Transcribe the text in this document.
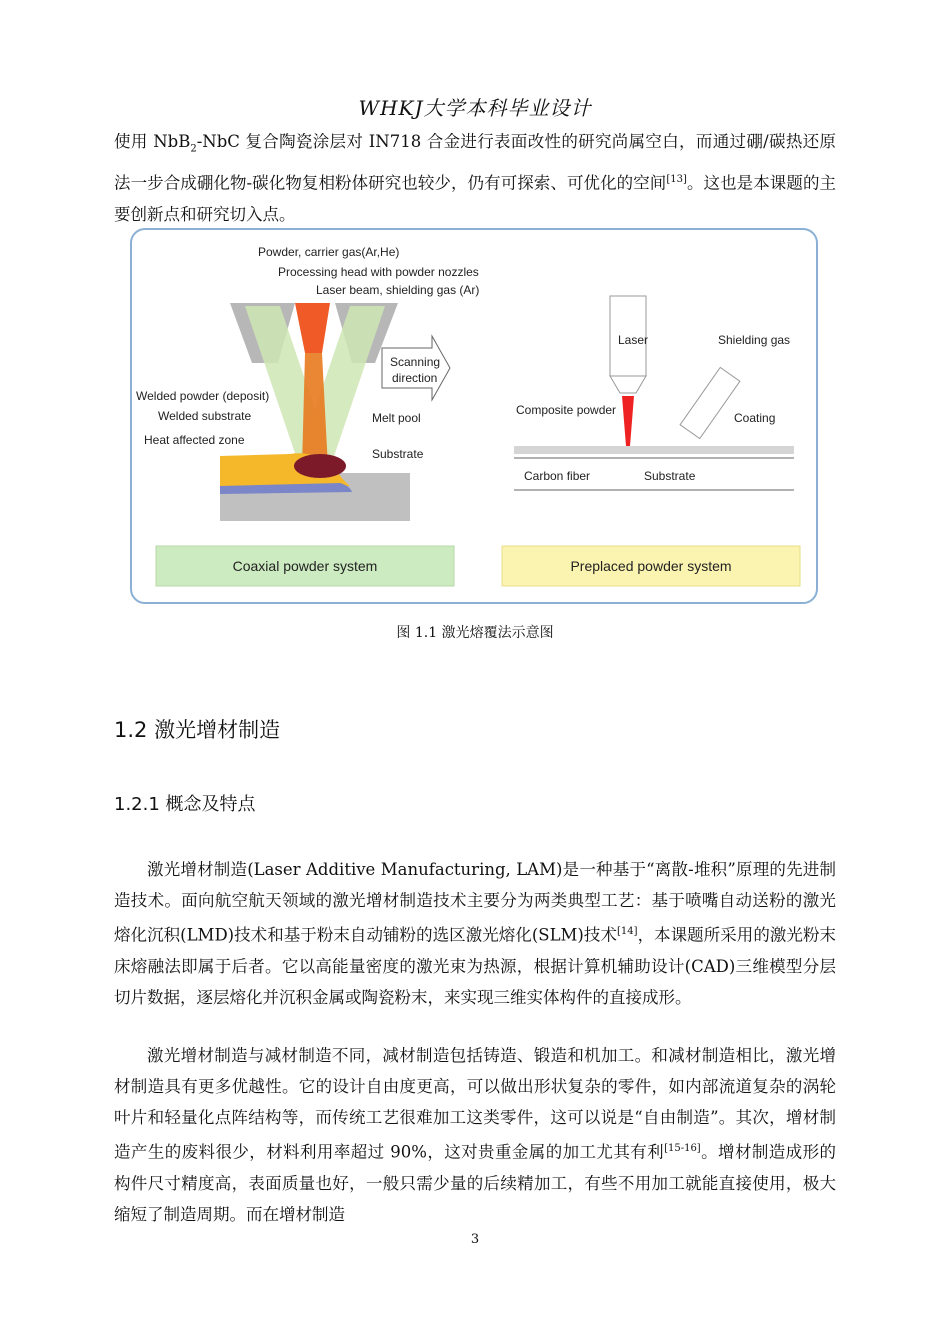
WHKJ大学本科毕业设计

使用 NbB$_2$-NbC 复合陶瓷涂层对 IN718 合金进行表面改性的研究尚属空白，而通过硼/碳热还原法一步合成硼化物-碳化物复相粉体研究也较少，仍有可探索、可优化的空间[13]。这也是本课题的主要创新点和研究切入点。

Powder, carrier gas(Ar,He)
Processing head with powder nozzles
Laser beam, shielding gas (Ar)
Scanning
direction
Welded powder (deposit)
Welded substrate
Heat affected zone
Melt pool
Substrate
Laser	Shielding gas
Composite powder
Coating
Carbon fiber	Substrate
Coaxial powder system	Preplaced powder system
图 1.1 激光熔覆法示意图
1.2 激光增材制造
1.2.1 概念及特点

激光增材制造(Laser Additive Manufacturing, LAM)是一种基于“离散-堆积”原理的先进制造技术。面向航空航天领域的激光增材制造技术主要分为两类典型工艺：基于喷嘴自动送粉的激光熔化沉积(LMD)技术和基于粉末自动铺粉的选区激光熔化(SLM)技术[14]，本课题所采用的激光粉末床熔融法即属于后者。它以高能量密度的激光束为热源，根据计算机辅助设计(CAD)三维模型分层切片数据，逐层熔化并沉积金属或陶瓷粉末，来实现三维实体构件的直接成形。

激光增材制造与减材制造不同，减材制造包括铸造、锻造和机加工。和减材制造相比，激光增材制造具有更多优越性。它的设计自由度更高，可以做出形状复杂的零件，如内部流道复杂的涡轮叶片和轻量化点阵结构等，而传统工艺很难加工这类零件，这可以说是“自由制造”。其次，增材制造产生的废料很少，材料利用率超过 90%，这对贵重金属的加工尤其有利[15-16]。增材制造成形的构件尺寸精度高，表面质量也好，一般只需少量的后续精加工，有些不用加工就能直接使用，极大缩短了制造周期。而在增材制造

3
